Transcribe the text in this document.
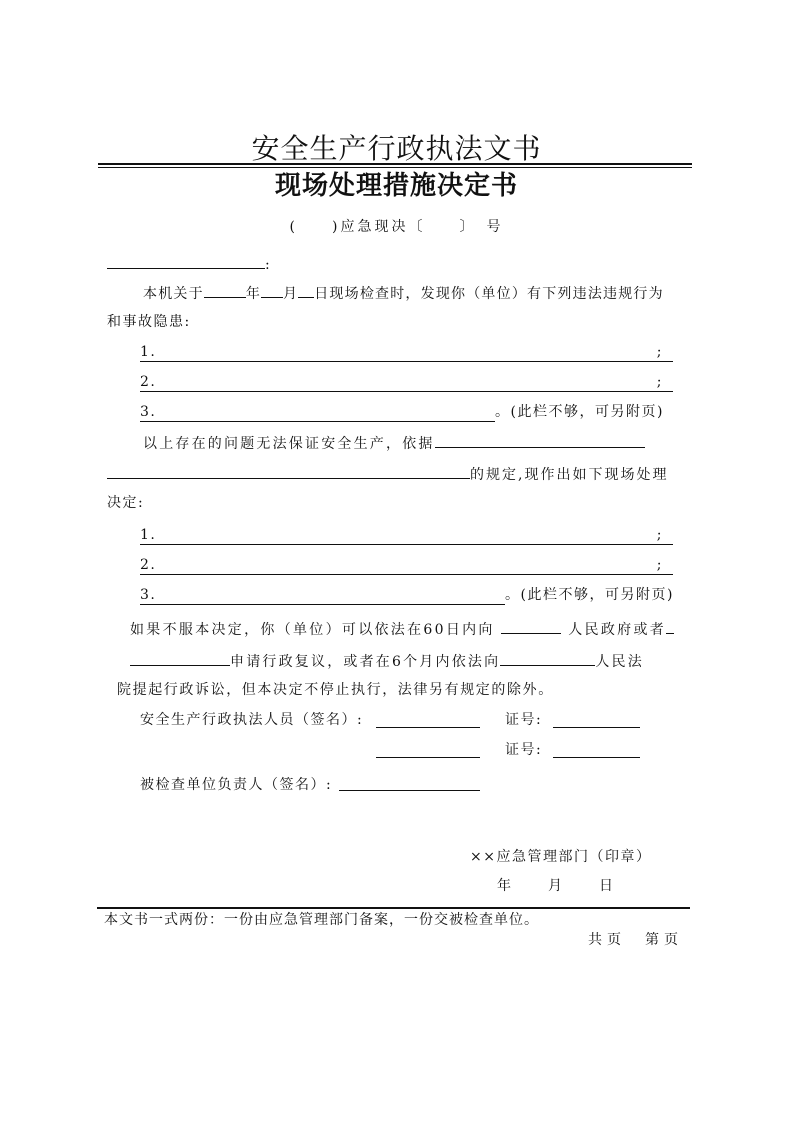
安全生产行政执法文书
现场处理措施决定书
(　　)应急现决〔　　〕　号
:
本机关于	年 月 日现场检查时，发现你（单位）有下列违法违规行为
和事故隐患:
1.	;
2.	;
3.	。(此栏不够，可另附页)
以上存在的问题无法保证安全生产，依据
的规定,现作出如下现场处理
决定:
1.	;
2.	;
3.	。(此栏不够，可另附页)
如果不服本决定，你（单位）可以依法在60日内向	人民政府或者
申请行政复议，或者在6个月内依法向	人民法
院提起行政诉讼，但本决定不停止执行，法律另有规定的除外。
安全生产行政执法人员（签名）:	证号:
证号:
被检查单位负责人（签名）:
××应急管理部门（印章）
年　　月　　日
本文书一式两份：一份由应急管理部门备案，一份交被检查单位。
共页　第页
